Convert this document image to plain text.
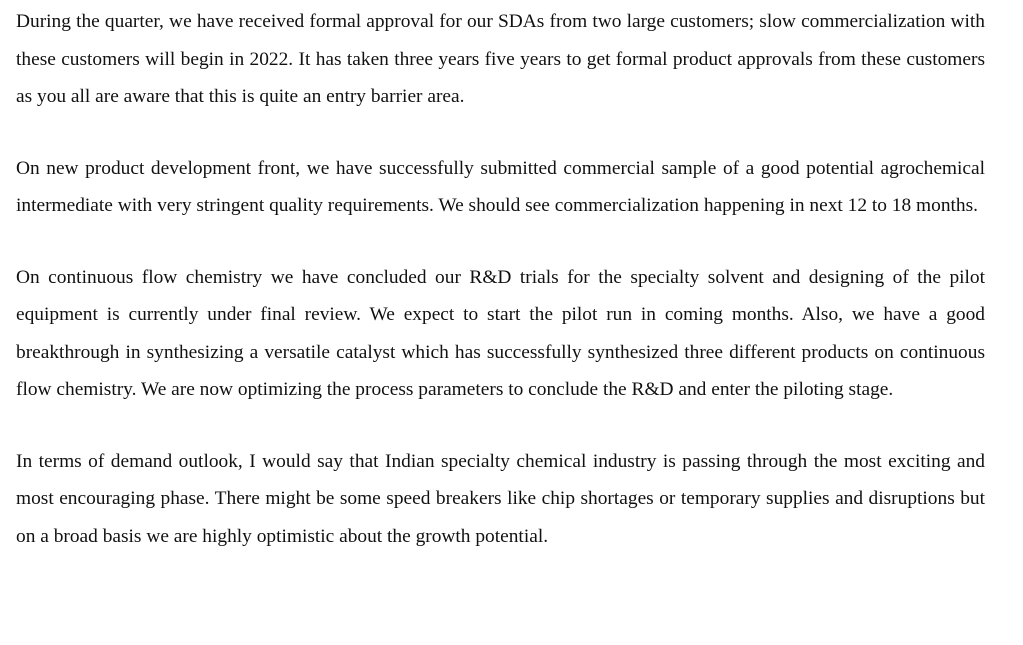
During the quarter, we have received formal approval for our SDAs from two large customers; slow commercialization with these customers will begin in 2022. It has taken three years five years to get formal product approvals from these customers as you all are aware that this is quite an entry barrier area.

On new product development front, we have successfully submitted commercial sample of a good potential agrochemical intermediate with very stringent quality requirements. We should see commercialization happening in next 12 to 18 months.

On continuous flow chemistry we have concluded our R&D trials for the specialty solvent and designing of the pilot equipment is currently under final review. We expect to start the pilot run in coming months. Also, we have a good breakthrough in synthesizing a versatile catalyst which has successfully synthesized three different products on continuous flow chemistry. We are now optimizing the process parameters to conclude the R&D and enter the piloting stage.

In terms of demand outlook, I would say that Indian specialty chemical industry is passing through the most exciting and most encouraging phase. There might be some speed breakers like chip shortages or temporary supplies and disruptions but on a broad basis we are highly optimistic about the growth potential.
